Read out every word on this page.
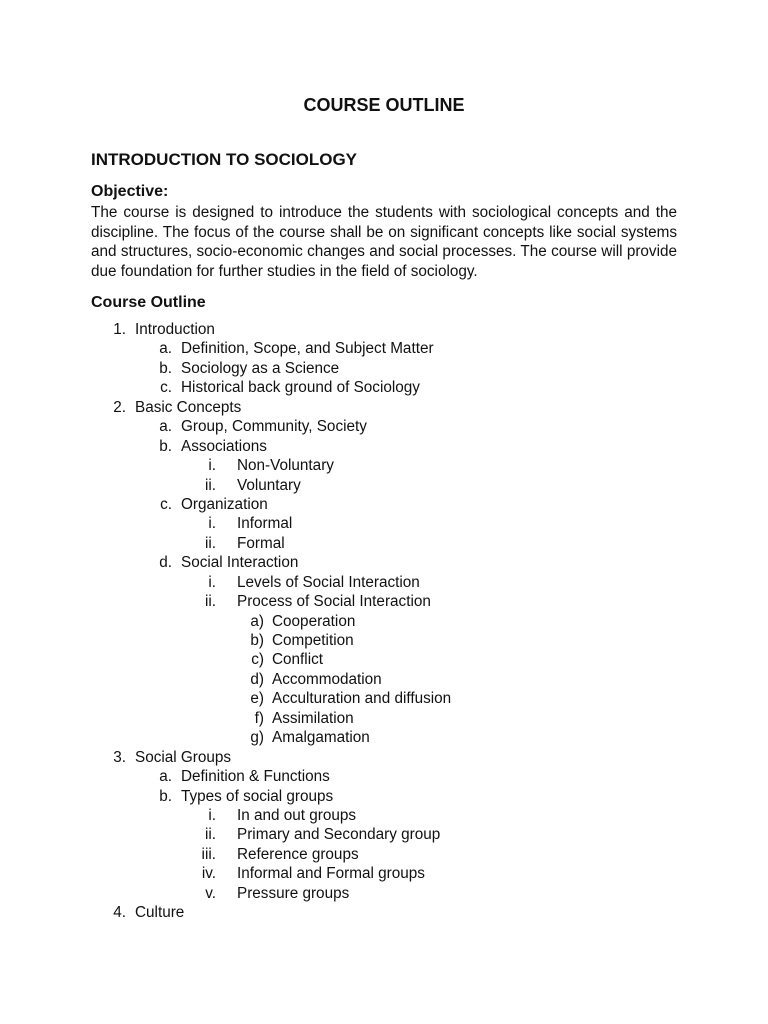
COURSE OUTLINE
INTRODUCTION TO SOCIOLOGY
Objective:

The course is designed to introduce the students with sociological concepts and the discipline. The focus of the course shall be on significant concepts like social systems and structures, socio-economic changes and social processes. The course will provide due foundation for further studies in the field of sociology.

Course Outline
1. Introduction
a. Definition, Scope, and Subject Matter
b. Sociology as a Science
c. Historical back ground of Sociology
2. Basic Concepts
a. Group, Community, Society
b. Associations
i. Non-Voluntary
ii. Voluntary
c. Organization
i. Informal
ii. Formal
d. Social Interaction
i. Levels of Social Interaction
ii. Process of Social Interaction
a) Cooperation
b) Competition
c) Conflict
d) Accommodation
e) Acculturation and diffusion
f) Assimilation
g) Amalgamation
3. Social Groups
a. Definition & Functions
b. Types of social groups
i. In and out groups
ii. Primary and Secondary group
iii. Reference groups
iv. Informal and Formal groups
v. Pressure groups
4. Culture
